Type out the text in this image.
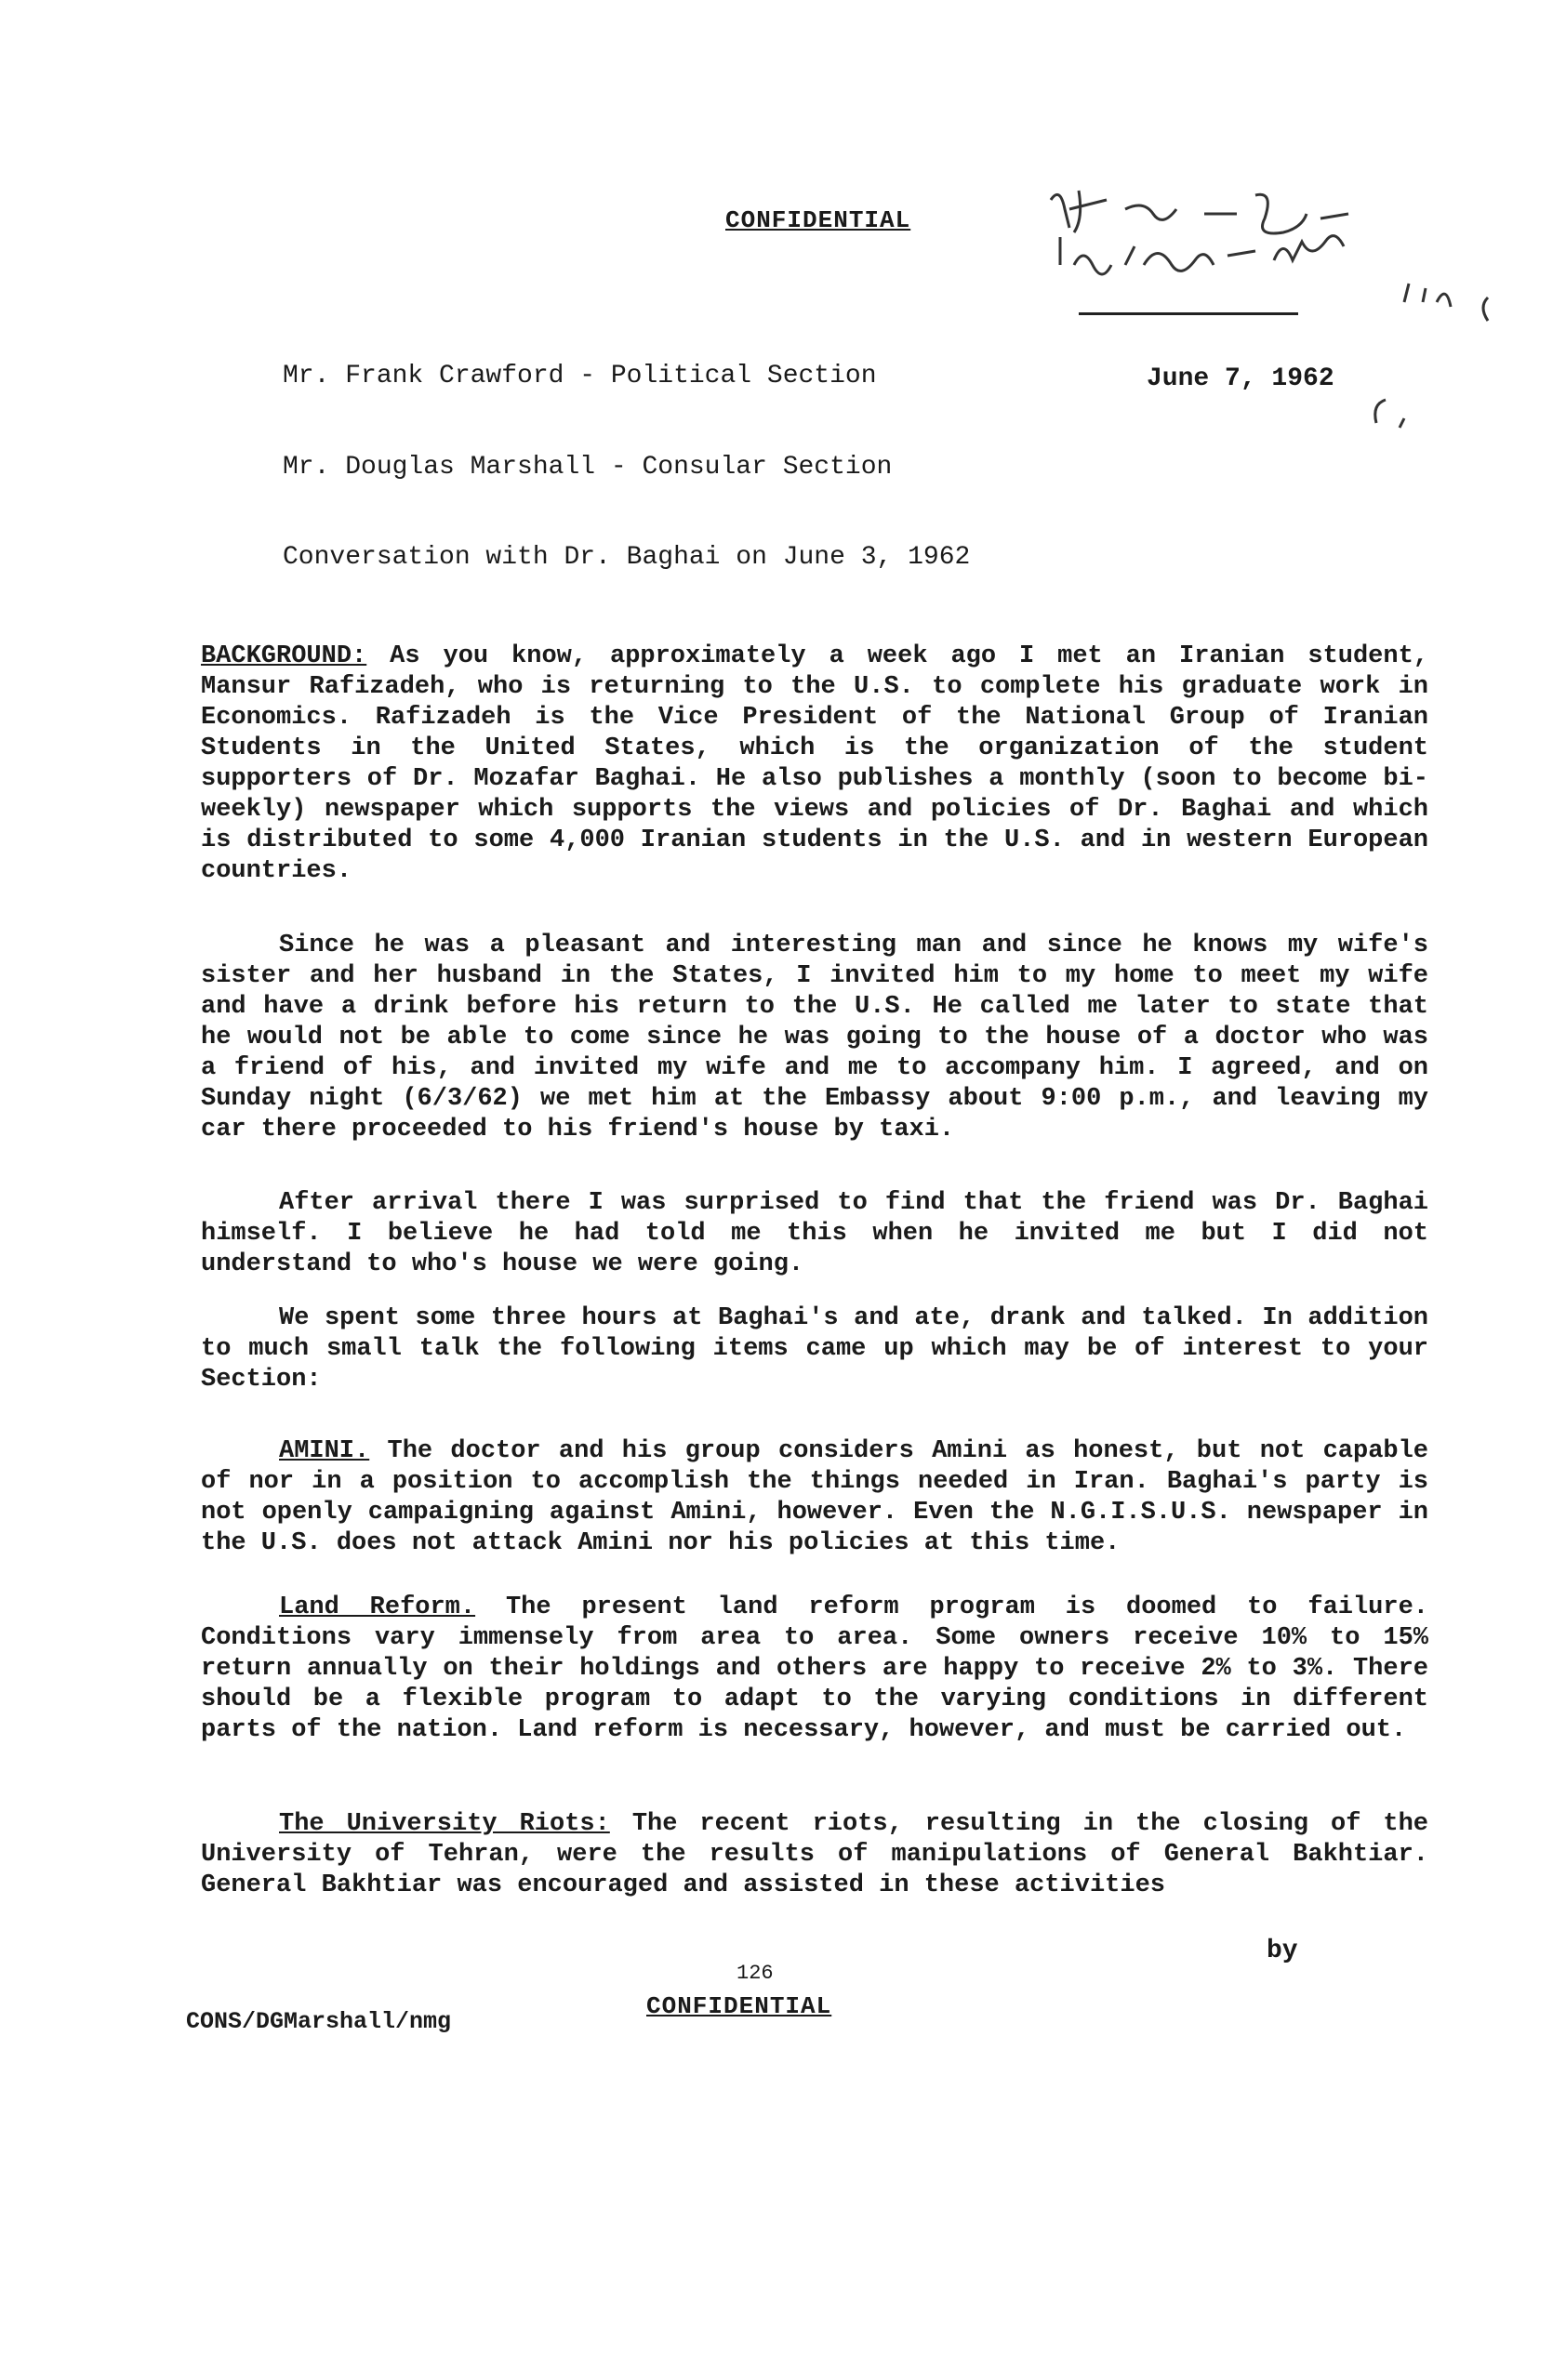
CONFIDENTIAL
Mr. Frank Crawford - Political Section	June 7, 1962
Mr. Douglas Marshall - Consular Section
Conversation with Dr. Baghai on June 3, 1962
BACKGROUND: As you know, approximately a week ago I met an Iranian student, Mansur Rafizadeh, who is returning to the U.S. to complete his graduate work in Economics. Rafizadeh is the Vice President of the National Group of Iranian Students in the United States, which is the organization of the student supporters of Dr. Mozafar Baghai. He also publishes a monthly (soon to become bi-weekly) newspaper which supports the views and policies of Dr. Baghai and which is distributed to some 4,000 Iranian students in the U.S. and in western European countries.
Since he was a pleasant and interesting man and since he knows my wife's sister and her husband in the States, I invited him to my home to meet my wife and have a drink before his return to the U.S. He called me later to state that he would not be able to come since he was going to the house of a doctor who was a friend of his, and invited my wife and me to accompany him. I agreed, and on Sunday night (6/3/62) we met him at the Embassy about 9:00 p.m., and leaving my car there proceeded to his friend's house by taxi.
After arrival there I was surprised to find that the friend was Dr. Baghai himself. I believe he had told me this when he invited me but I did not understand to who's house we were going.
We spent some three hours at Baghai's and ate, drank and talked. In addition to much small talk the following items came up which may be of interest to your Section:
AMINI. The doctor and his group considers Amini as honest, but not capable of nor in a position to accomplish the things needed in Iran. Baghai's party is not openly campaigning against Amini, however. Even the N.G.I.S.U.S. newspaper in the U.S. does not attack Amini nor his policies at this time.
Land Reform. The present land reform program is doomed to failure. Conditions vary immensely from area to area. Some owners receive 10% to 15% return annually on their holdings and others are happy to receive 2% to 3%. There should be a flexible program to adapt to the varying conditions in different parts of the nation. Land reform is necessary, however, and must be carried out.
The University Riots: The recent riots, resulting in the closing of the University of Tehran, were the results of manipulations of General Bakhtiar. General Bakhtiar was encouraged and assisted in these activities
by
126
CONFIDENTIAL
CONS/DGMarshall/nmg
